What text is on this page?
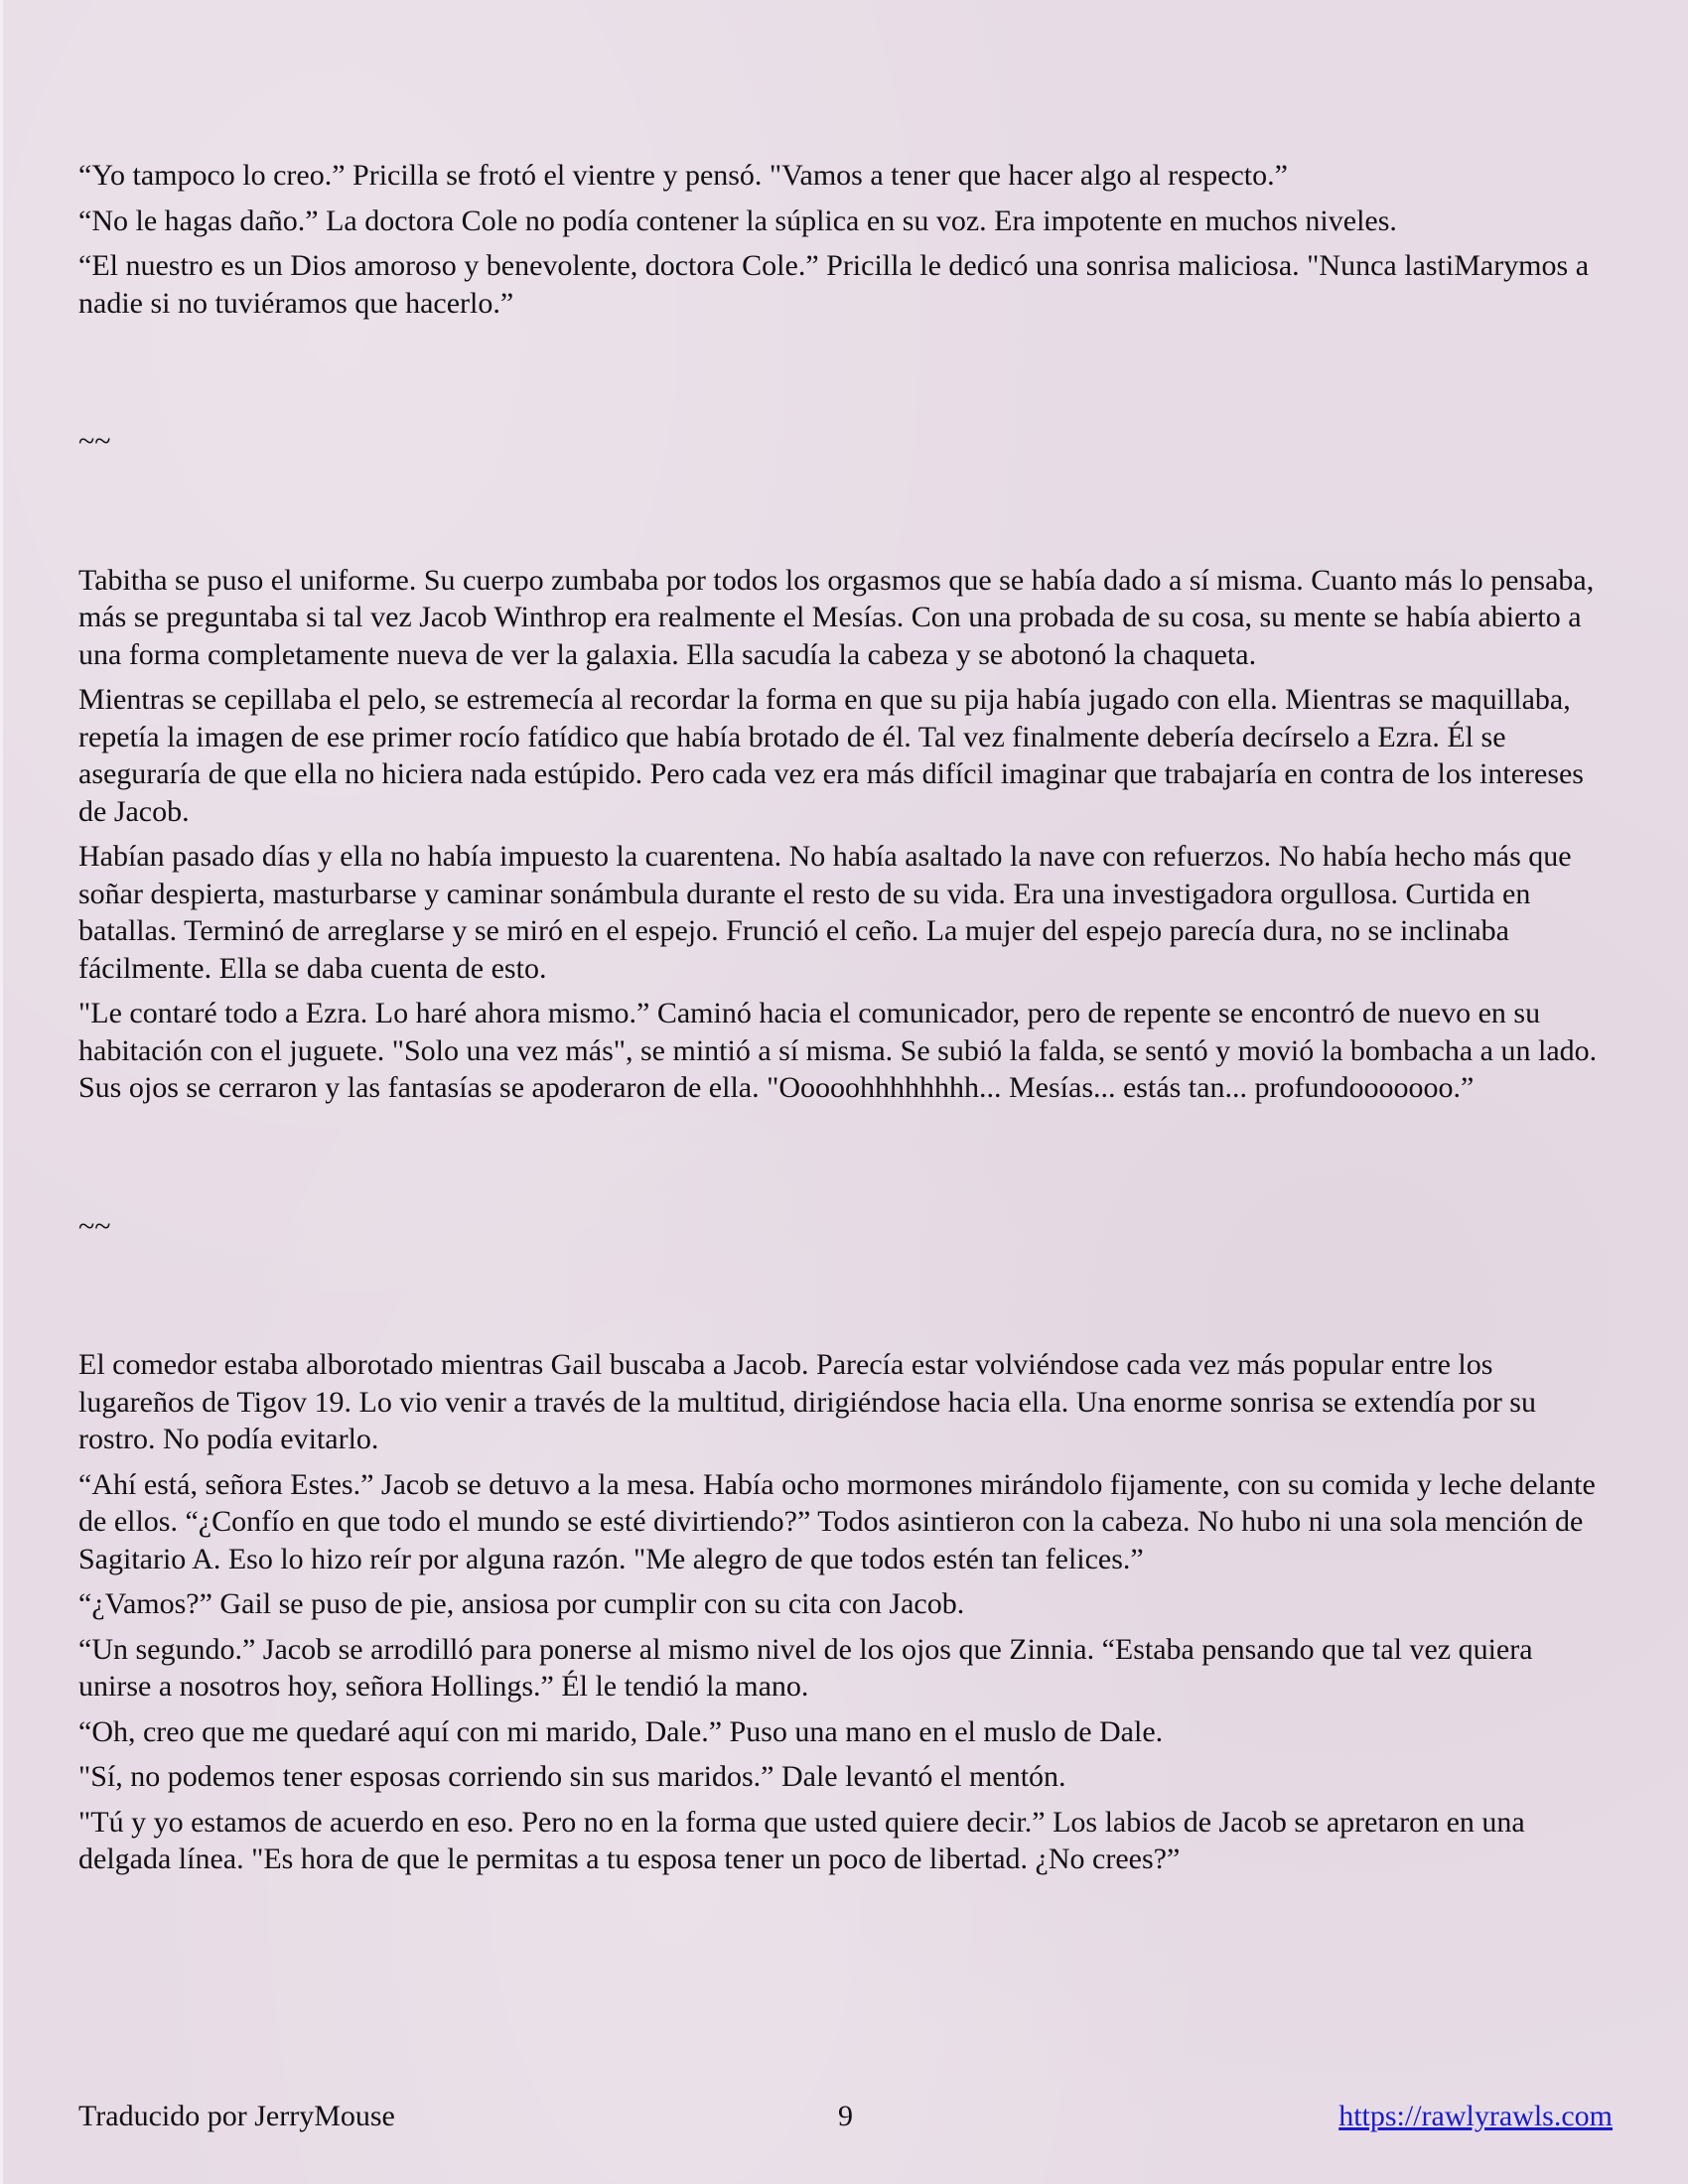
“Yo tampoco lo creo.” Pricilla se frotó el vientre y pensó. "Vamos a tener que hacer algo al respecto.”

“No le hagas daño.” La doctora Cole no podía contener la súplica en su voz. Era impotente en muchos niveles.

“El nuestro es un Dios amoroso y benevolente, doctora Cole.” Pricilla le dedicó una sonrisa maliciosa. "Nunca lastiMarymos a nadie si no tuviéramos que hacerlo.”

~~

Tabitha se puso el uniforme. Su cuerpo zumbaba por todos los orgasmos que se había dado a sí misma. Cuanto más lo pensaba, más se preguntaba si tal vez Jacob Winthrop era realmente el Mesías. Con una probada de su cosa, su mente se había abierto a una forma completamente nueva de ver la galaxia. Ella sacudía la cabeza y se abotonó la chaqueta.

Mientras se cepillaba el pelo, se estremecía al recordar la forma en que su pija había jugado con ella. Mientras se maquillaba, repetía la imagen de ese primer rocío fatídico que había brotado de él. Tal vez finalmente debería decírselo a Ezra. Él se aseguraría de que ella no hiciera nada estúpido. Pero cada vez era más difícil imaginar que trabajaría en contra de los intereses de Jacob.

Habían pasado días y ella no había impuesto la cuarentena. No había asaltado la nave con refuerzos. No había hecho más que soñar despierta, masturbarse y caminar sonámbula durante el resto de su vida. Era una investigadora orgullosa. Curtida en batallas. Terminó de arreglarse y se miró en el espejo. Frunció el ceño. La mujer del espejo parecía dura, no se inclinaba fácilmente. Ella se daba cuenta de esto.

"Le contaré todo a Ezra. Lo haré ahora mismo.” Caminó hacia el comunicador, pero de repente se encontró de nuevo en su habitación con el juguete. "Solo una vez más", se mintió a sí misma. Se subió la falda, se sentó y movió la bombacha a un lado. Sus ojos se cerraron y las fantasías se apoderaron de ella. "Ooooohhhhhhhh... Mesías... estás tan... profundooooooo.”

~~

El comedor estaba alborotado mientras Gail buscaba a Jacob. Parecía estar volviéndose cada vez más popular entre los lugareños de Tigov 19. Lo vio venir a través de la multitud, dirigiéndose hacia ella. Una enorme sonrisa se extendía por su rostro. No podía evitarlo.

“Ahí está, señora Estes.” Jacob se detuvo a la mesa. Había ocho mormones mirándolo fijamente, con su comida y leche delante de ellos. “¿Confío en que todo el mundo se esté divirtiendo?” Todos asintieron con la cabeza. No hubo ni una sola mención de Sagitario A. Eso lo hizo reír por alguna razón. "Me alegro de que todos estén tan felices.”

“¿Vamos?” Gail se puso de pie, ansiosa por cumplir con su cita con Jacob.

“Un segundo.” Jacob se arrodilló para ponerse al mismo nivel de los ojos que Zinnia. “Estaba pensando que tal vez quiera unirse a nosotros hoy, señora Hollings.” Él le tendió la mano.

“Oh, creo que me quedaré aquí con mi marido, Dale.” Puso una mano en el muslo de Dale.

"Sí, no podemos tener esposas corriendo sin sus maridos.” Dale levantó el mentón.

"Tú y yo estamos de acuerdo en eso. Pero no en la forma que usted quiere decir.” Los labios de Jacob se apretaron en una delgada línea. "Es hora de que le permitas a tu esposa tener un poco de libertad. ¿No crees?”

Traducido por JerryMouse	9	https://rawlyrawls.com
